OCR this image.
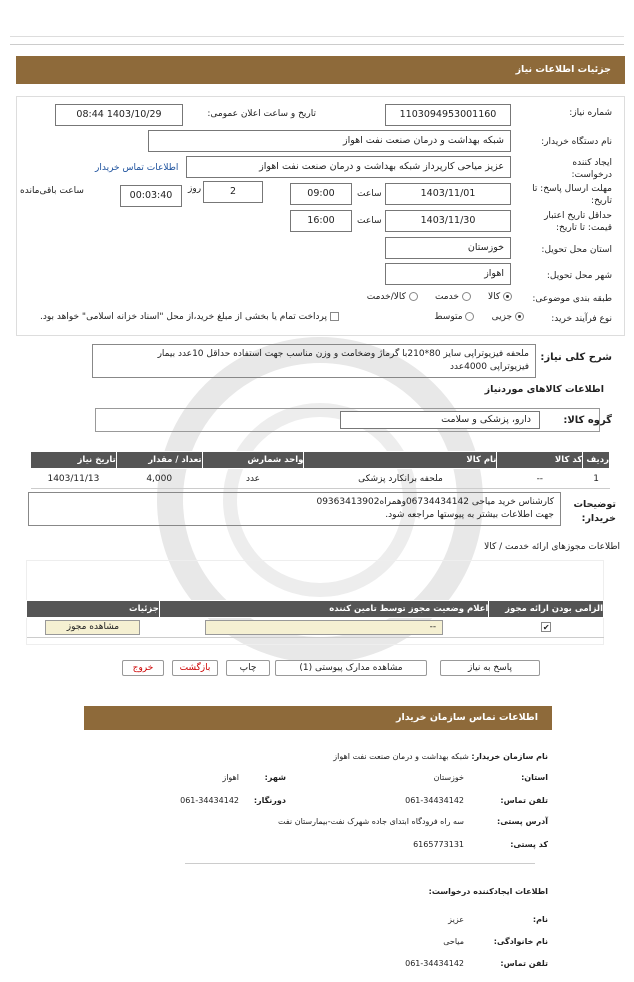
جزئیات اطلاعات نیاز
شماره نیاز:
1103094953001160
تاریخ و ساعت اعلان عمومی:
1403/10/29 08:44
نام دستگاه خریدار:
شبکه بهداشت و درمان صنعت نفت اهواز
ایجاد کننده درخواست:
عزیز میاحی کارپرداز شبکه بهداشت و درمان صنعت نفت اهواز
اطلاعات تماس خریدار
مهلت ارسال پاسخ: تا تاریخ:
1403/11/01
ساعت
09:00
2
روز
ساعت باقی‌مانده	00:03:40
حداقل تاریخ اعتبار قیمت: تا تاریخ:
1403/11/30
ساعت
16:00
استان محل تحویل:
خوزستان
شهر محل تحویل:
اهواز
طبقه بندی موضوعی:
کالا       خدمت       کالا/خدمت
نوع فرآیند خرید:
جزیی       متوسط
پرداخت تمام یا بخشی از مبلغ خرید،از محل "اسناد خزانه اسلامی" خواهد بود.
شرح کلی نیاز:
ملحفه فیزیوتراپی سایز 80*210با گرماژ وضخامت و وزن مناسب جهت استفاده حداقل 10عدد بیمار
فیزیوتراپی 4000عدد
اطلاعات کالاهای موردنیاز
گروه کالا:
دارو، پزشکی و سلامت
ردیف	کد کالا	نام کالا	واحد شمارش	تعداد / مقدار	تاریخ نیاز
1	--	ملحفه برانکارد پزشکی	عدد	4,000	1403/11/13
توضیحات خریدار:
کارشناس خرید میاحی 06734434142وهمراه09363413902
جهت اطلاعات بیشتر به پیوستها مراجعه شود.
اطلاعات مجوزهای ارائه خدمت / کالا
الزامی بودن ارائه مجوز	اعلام وضعیت مجوز توسط تامین کننده	جزئیات
✔	--	مشاهده مجوز
پاسخ به نیاز
مشاهده مدارک پیوستی (1)
چاپ
بازگشت
خروج
اطلاعات تماس سازمان خریدار
نام سازمان خریدار: شبکه بهداشت و درمان صنعت نفت اهواز
استان:
خوزستان
شهر:
اهواز
تلفن تماس:
061-34434142
دورنگار:
061-34434142
آدرس پستی:
سه راه فرودگاه ابتدای جاده شهرک نفت-بیمارستان نفت
کد پستی:
6165773131
اطلاعات ایجادکننده درخواست:
نام:
عزیز
نام خانوادگی:
میاحی
تلفن تماس:
061-34434142
